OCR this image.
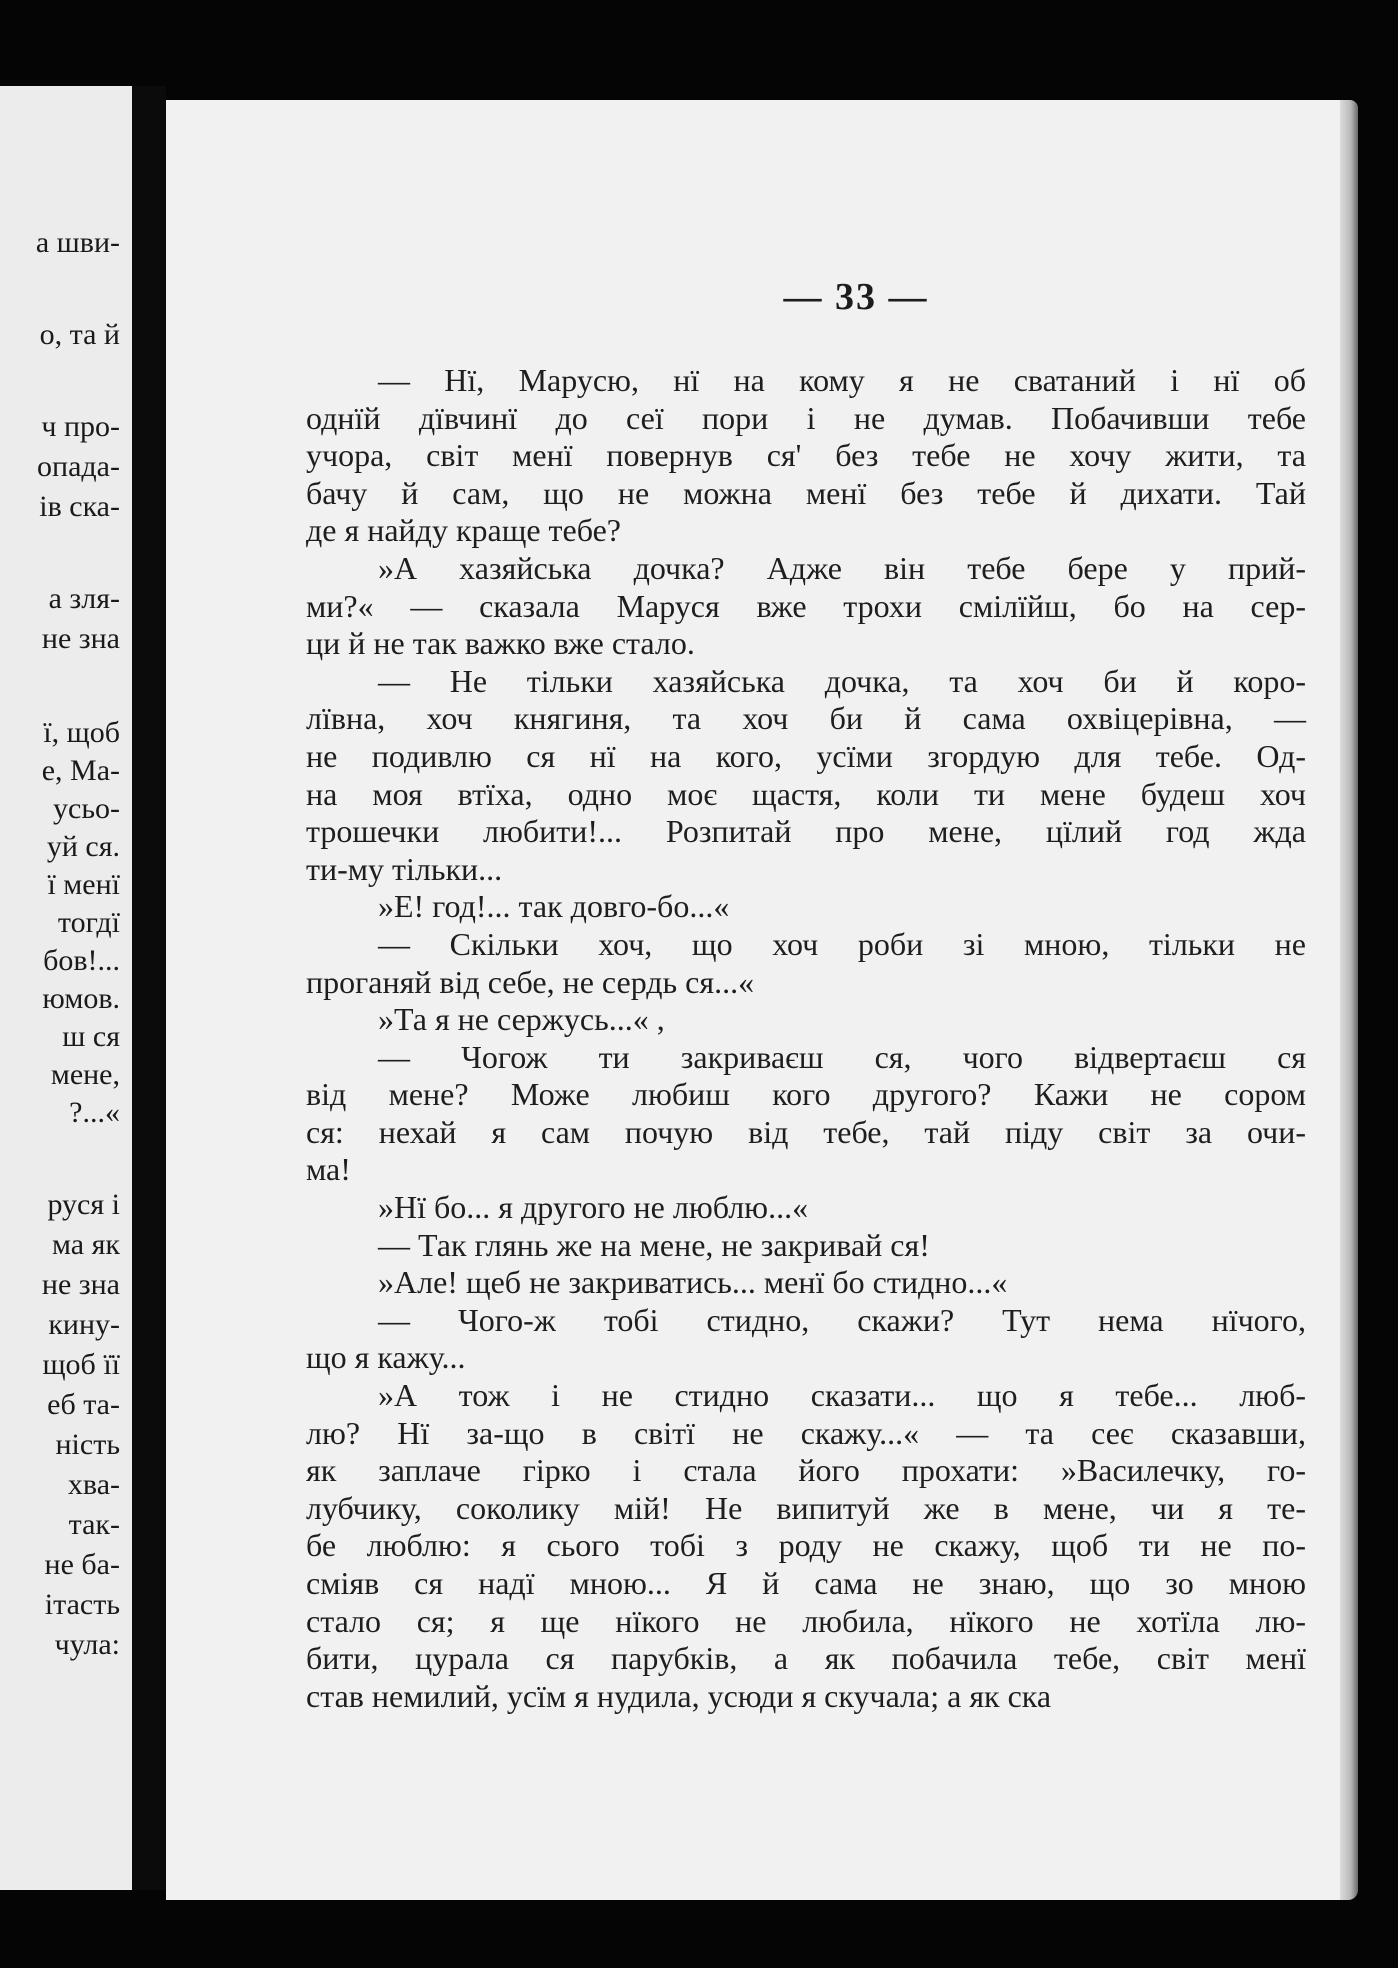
а шви-
о, та й
ч про-
опада-
ів ска-
а зля-
не зна
ї, щоб
е, Ма-
усьо-
уй ся.
ї менї
тогдї
бов!...
юмов.
ш ся
мене,
?...«
руся і
ма як
не зна
кину-
щоб її
еб та-
ність
хва-
так-
не ба-
ітасть
чула:
— 33 —
— Нї, Марусю, нї на кому я не сватаний і нї об
однїй дївчинї до сеї пори і не думав. Побачивши тебе
учора, світ менї повернув ся' без тебе не хочу жити, та
бачу й сам, що не можна менї без тебе й дихати. Тай
де я найду краще тебе?
»А хазяйська дочка? Адже він тебе бере у прий-
ми?« — сказала Маруся вже трохи смілїйш, бо на сер-
ци й не так важко вже стало.
— Не тільки хазяйська дочка, та хоч би й коро-
лївна, хоч княгиня, та хоч би й сама охвіцерівна, —
не подивлю ся нї на кого, усїми згордую для тебе. Од-
на моя втїха, одно моє щастя, коли ти мене будеш хоч
трошечки любити!... Розпитай про мене, цїлий год жда
ти-му тільки...
»Е! год!... так довго-бо...«
— Скільки хоч, що хоч роби зі мною, тільки не
проганяй від себе, не сердь ся...«
»Та я не сержусь...« ,
— Чогож ти закриваєш ся, чого відвертаєш ся
від мене? Може любиш кого другого? Кажи не сором
ся: нехай я сам почую від тебе, тай піду світ за очи-
ма!
»Нї бо... я другого не люблю...«
— Так глянь же на мене, не закривай ся!
»Але! щеб не закриватись... менї бо стидно...«
— Чого-ж тобі стидно, скажи? Тут нема нїчого,
що я кажу...
»А тож і не стидно сказати... що я тебе... люб-
лю? Нї за-що в світї не скажу...« — та сеє сказавши,
як заплаче гірко і стала його прохати: »Василечку, го-
лубчику, соколику мій! Не випитуй же в мене, чи я те-
бе люблю: я сього тобі з роду не скажу, щоб ти не по-
сміяв ся надї мною... Я й сама не знаю, що зо мною
стало ся; я ще нїкого не любила, нїкого не хотїла лю-
бити, цурала ся парубків, а як побачила тебе, світ менї
став немилий, усїм я нудила, усюди я скучала; а як ска
